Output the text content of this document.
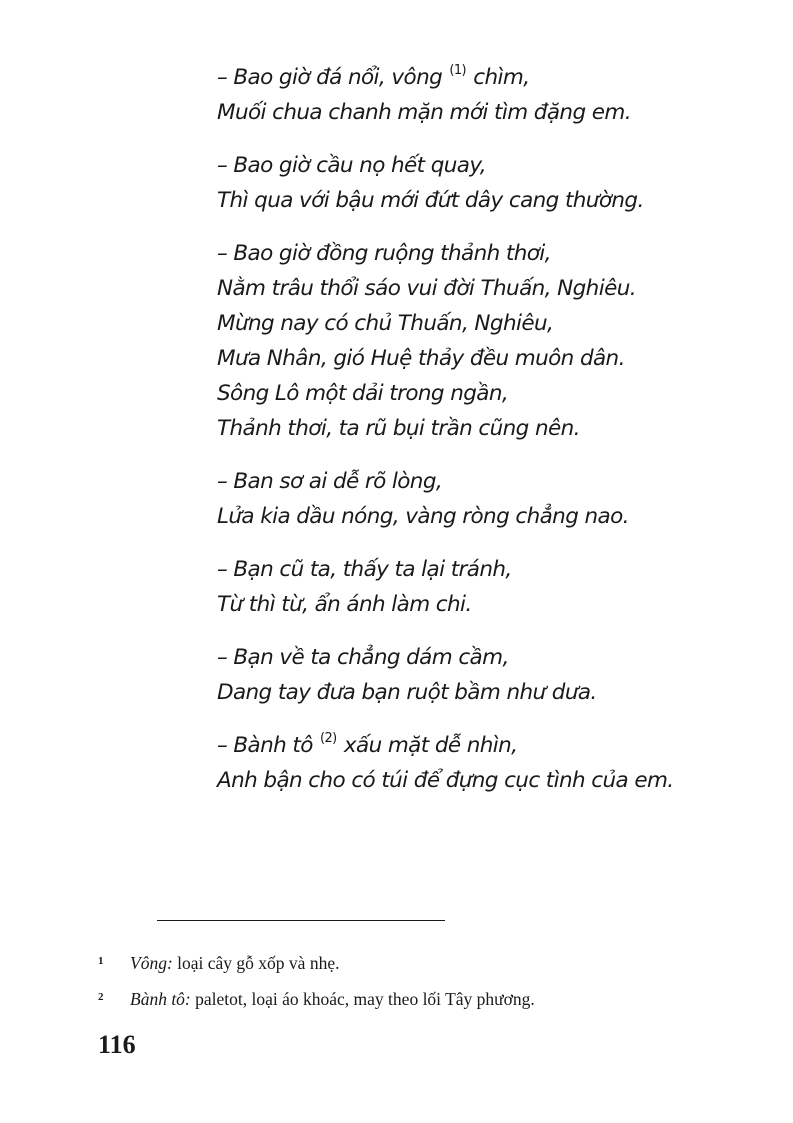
– Bao giờ đá nổi, vông $^{(1)}$ chìm,
Muối chua chanh mặn mới tìm đặng em.
– Bao giờ cầu nọ hết quay,
Thì qua với bậu mới đứt dây cang thường.
– Bao giờ đồng ruộng thảnh thơi,
Nằm trâu thổi sáo vui đời Thuấn, Nghiêu.
Mừng nay có chủ Thuấn, Nghiêu,
Mưa Nhân, gió Huệ thảy đều muôn dân.
Sông Lô một dải trong ngần,
Thảnh thơi, ta rũ bụi trần cũng nên.
– Ban sơ ai dễ rõ lòng,
Lửa kia dầu nóng, vàng ròng chẳng nao.
– Bạn cũ ta, thấy ta lại tránh,
Từ thì từ, ẩn ánh làm chi.
– Bạn về ta chẳng dám cầm,
Dang tay đưa bạn ruột bầm như dưa.
– Bành tô $^{(2)}$ xấu mặt dễ nhìn,
Anh bận cho có túi để đựng cục tình của em.
1 Vông: loại cây gỗ xốp và nhẹ.
2 Bành tô: paletot, loại áo khoác, may theo lối Tây phương.
116
